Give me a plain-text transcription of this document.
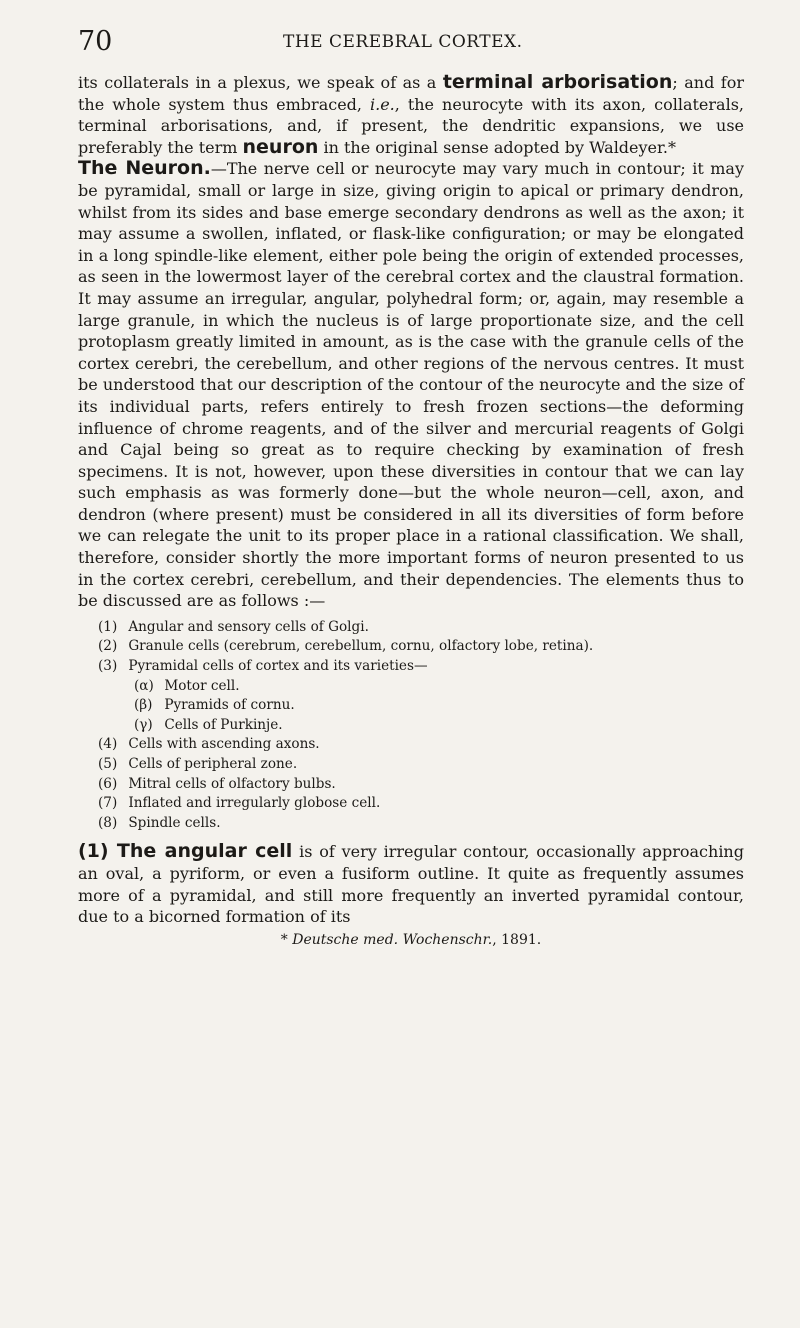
70	THE CEREBRAL CORTEX.

its collaterals in a plexus, we speak of as a terminal arborisation; and for the whole system thus embraced, i.e., the neurocyte with its axon, collaterals, terminal arborisations, and, if present, the dendritic expansions, we use preferably the term neuron in the original sense adopted by Waldeyer.*

The Neuron.—The nerve cell or neurocyte may vary much in contour; it may be pyramidal, small or large in size, giving origin to apical or primary dendron, whilst from its sides and base emerge secondary dendrons as well as the axon; it may assume a swollen, inflated, or flask-like configuration; or may be elongated in a long spindle-like element, either pole being the origin of extended processes, as seen in the lowermost layer of the cerebral cortex and the claustral formation. It may assume an irregular, angular, polyhedral form; or, again, may resemble a large granule, in which the nucleus is of large proportionate size, and the cell protoplasm greatly limited in amount, as is the case with the granule cells of the cortex cerebri, the cerebellum, and other regions of the nervous centres. It must be understood that our description of the contour of the neurocyte and the size of its individual parts, refers entirely to fresh frozen sections—the deforming influence of chrome reagents, and of the silver and mercurial reagents of Golgi and Cajal being so great as to require checking by examination of fresh specimens. It is not, however, upon these diversities in contour that we can lay such emphasis as was formerly done—but the whole neuron—cell, axon, and dendron (where present) must be considered in all its diversities of form before we can relegate the unit to its proper place in a rational classification. We shall, therefore, consider shortly the more important forms of neuron presented to us in the cortex cerebri, cerebellum, and their dependencies. The elements thus to be discussed are as follows :—

(1) Angular and sensory cells of Golgi.
(2) Granule cells (cerebrum, cerebellum, cornu, olfactory lobe, retina).
(3) Pyramidal cells of cortex and its varieties—
(α) Motor cell.
(β) Pyramids of cornu.
(γ) Cells of Purkinje.
(4) Cells with ascending axons.
(5) Cells of peripheral zone.
(6) Mitral cells of olfactory bulbs.
(7) Inflated and irregularly globose cell.
(8) Spindle cells.

(1) The angular cell is of very irregular contour, occasionally approaching an oval, a pyriform, or even a fusiform outline. It quite as frequently assumes more of a pyramidal, and still more frequently an inverted pyramidal contour, due to a bicorned formation of its

* Deutsche med. Wochenschr., 1891.
